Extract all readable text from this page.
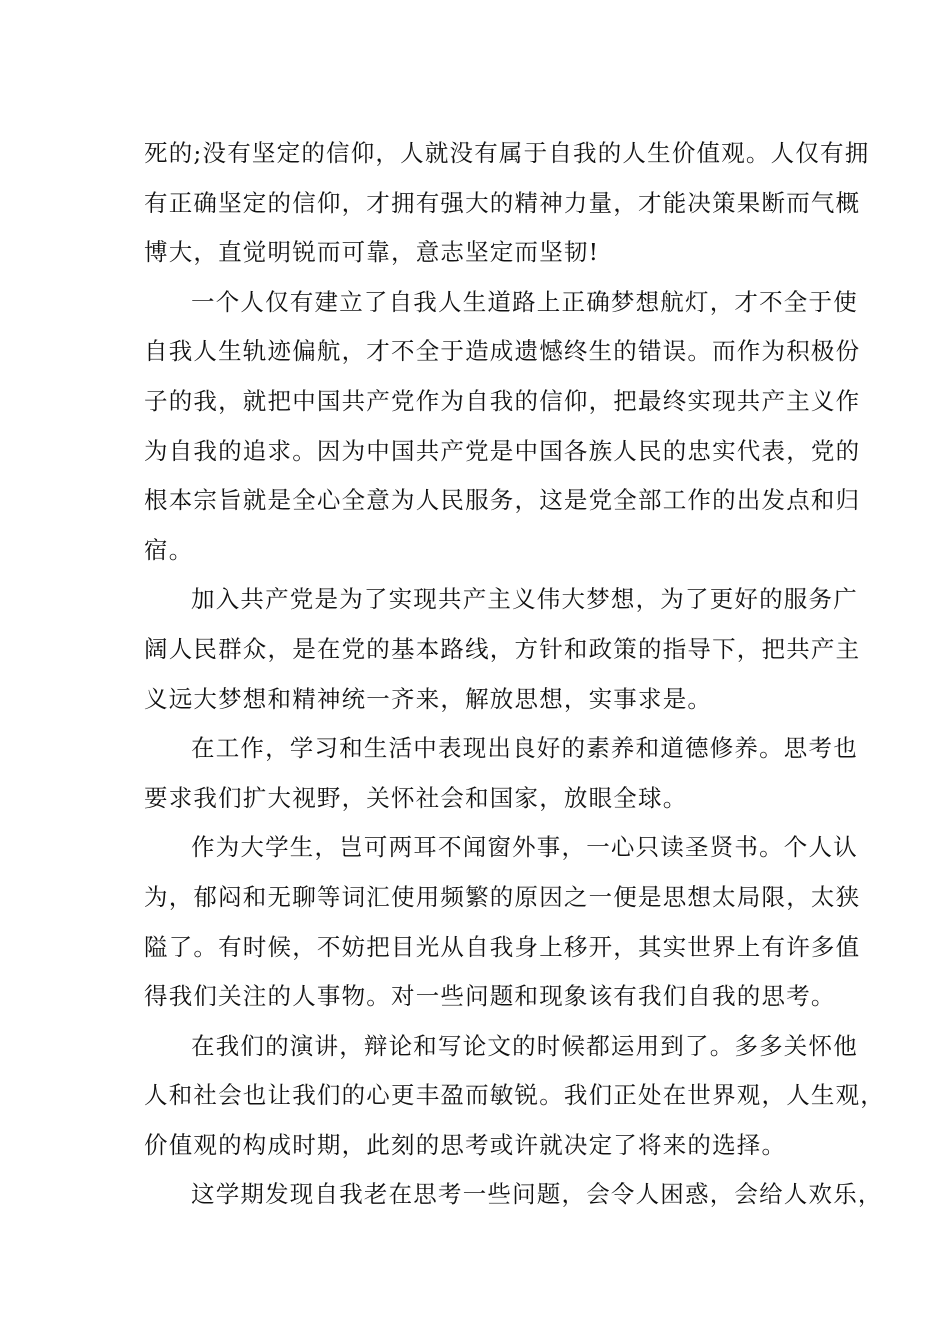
死的;没有坚定的信仰，人就没有属于自我的人生价值观。人仅有拥
有正确坚定的信仰，才拥有强大的精神力量，才能决策果断而气概
博大，直觉明锐而可靠，意志坚定而坚韧!
一个人仅有建立了自我人生道路上正确梦想航灯，才不全于使
自我人生轨迹偏航，才不全于造成遗憾终生的错误。而作为积极份
子的我，就把中国共产党作为自我的信仰，把最终实现共产主义作
为自我的追求。因为中国共产党是中国各族人民的忠实代表，党的
根本宗旨就是全心全意为人民服务，这是党全部工作的出发点和归
宿。
加入共产党是为了实现共产主义伟大梦想，为了更好的服务广
阔人民群众，是在党的基本路线，方针和政策的指导下，把共产主
义远大梦想和精神统一齐来，解放思想，实事求是。
在工作，学习和生活中表现出良好的素养和道德修养。思考也
要求我们扩大视野，关怀社会和国家，放眼全球。
作为大学生，岂可两耳不闻窗外事，一心只读圣贤书。个人认
为，郁闷和无聊等词汇使用频繁的原因之一便是思想太局限，太狭
隘了。有时候，不妨把目光从自我身上移开，其实世界上有许多值
得我们关注的人事物。对一些问题和现象该有我们自我的思考。
在我们的演讲，辩论和写论文的时候都运用到了。多多关怀他
人和社会也让我们的心更丰盈而敏锐。我们正处在世界观，人生观，
价值观的构成时期，此刻的思考或许就决定了将来的选择。
这学期发现自我老在思考一些问题，会令人困惑，会给人欢乐，
